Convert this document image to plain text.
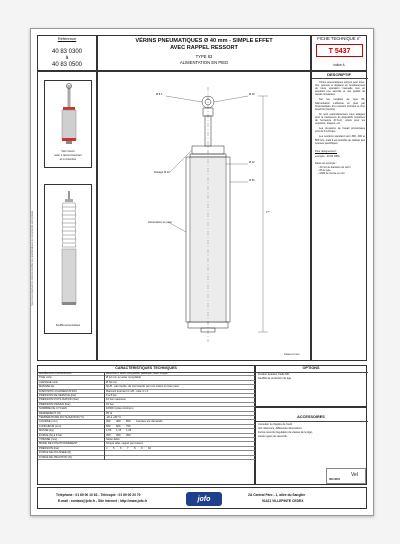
Référence
40 83 0300
à
40 83 0500
VÉRINS PNEUMATIQUES Ø 40 mm - SIMPLE EFFET
AVEC RAPPEL RESSORT
TYPE 83
ALIMENTATION EN PIED
FICHE TECHNIQUE n°
T 5437
indice A
Vérin fourni
avec 1 raccord tournant
et un bouchon
Soufflet pneumatique
Nous nous réservons le droit de modifier les caractéristiques de nos produits sans préavis
Ø 8.1	Ø 18
Ø 12
Ø 50
Filetage M 10
Alimentation en pied
L**
Cotes en mm
DESCRIPTIF

Vérins pneumatiques conçus pour lever, tirer, pousser et déplacer en remplacement de toute opération manuelle tout en assurant une sécurité et une qualité de travail constantes.

Sur les modèles de type 83, l'alimentation s'effectue en pied par l'intermédiaire d'un raccord tournant et d'un bouchon (fournis).

Ils sont particulièrement bien adaptés pour la manœuvre de dispositifs motorisés de fermeture (D.S.A), volets pour les exutoires, trappes, etc.

Les pressions de travail préconisées sont de 6 à 8 bars.

Les sections standard sont 300, 400 et 500 mm, mais il est possible de réaliser des courses spécifiques.

Pour désignement :

exemple : 40 83 0300

Dans cet exemple :

- 40 mm le diamètre du vérin

- 83 le type

- 0300 la course en mm

CARACTÉRISTIQUES TECHNIQUES
MATÉRIAUX PRINCIPAUX	Aluminium, acier inoxydable, plastique, acier zingué
TIGE vérin	Ø 12 mm en acier inoxydable
ALÉSAGE vérin	Ø 40 mm
MANIVELLE	G1/8 - pas inertie, de commande par mot inséré en faux pied
DISPOSITIF D'ALIMENTATION	Raccord tournant G 1/8 - tube 4 x 6
PRESSION DE SERVICE (bar)	6 à 8 bar
PRESSION D'UTILISATION (bar)	10 bar maximum
PRESSION D'ESSAI (bar)	15 bar
NOMBRE DE CYCLES	10000 cycles minimum
RENDEMENT (%)	95 %
TEMPÉRATURE D'UTILISATION (°C)	-20 à +80 °C
COURSE (mm)	300 400 500 Courses sur demande
LONGUEUR (mm)	500 600 700
MASSE (kg)	1,05 1,15 1,25
FORCE (N) à 6 bar	450 450 450
VITESSE (m/s)	Selon débit
MODE DE FONCTIONNEMENT	Simple effet, rappel par ressort
PRESSION (bar)	4 5 6 7 8 9 10
FORCE DE POUSSÉE (N)
FORCE DE TRACTION (N)
OPTIONS
Fixation épaulée, bielle M6,
Soufflet de protection de tige.
ACCESSOIRES
Consulter le chapitre de l'outil.
Voir référence, différentes dimensions.
Fermé ouverts (régulation de vitesse de la tige),
Autres types de raccords.
ISO 9001
Vel
Téléphone : 01 69 00 10 63 - Télécopie : 01 69 00 20 70
E-mail : contact@jofo.fr - Site Internet : http://www.jofo.fr	jofo
ZA Central Parc - 1, allée du Sanglier
91421 VILLEPINTE CEDEX
